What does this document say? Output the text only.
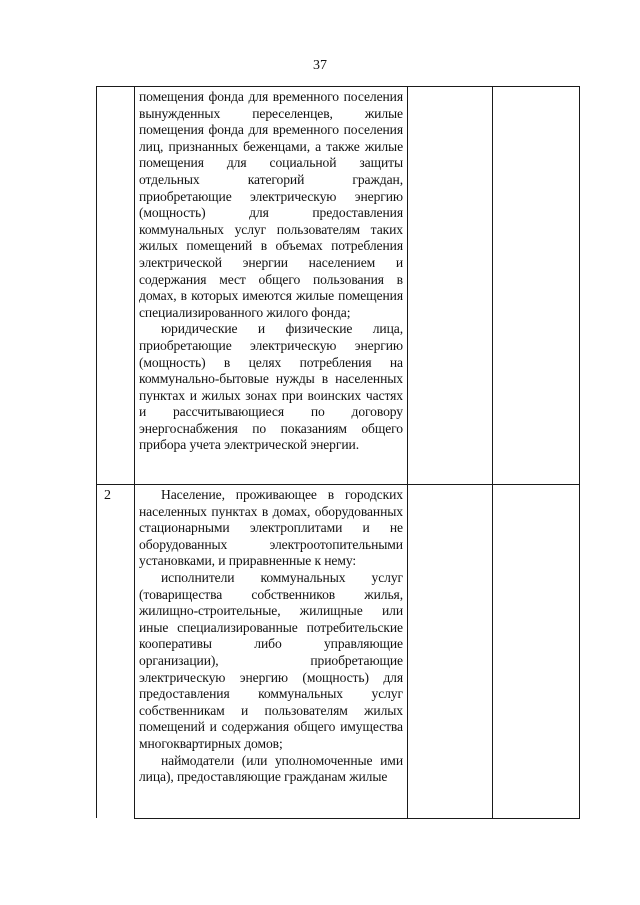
37

помещения фонда для временного поселения вынужденных переселенцев, жилые помещения фонда для временного поселения лиц, признанных беженцами, а также жилые помещения для социальной защиты отдельных категорий граждан, приобретающие электрическую энергию (мощность) для предоставления коммунальных услуг пользователям таких жилых помещений в объемах потребления электрической энергии населением и содержания мест общего пользования в домах, в которых имеются жилые помещения специализированного жилого фонда;

юридические и физические лица, приобретающие электрическую энергию (мощность) в целях потребления на коммунально-бытовые нужды в населенных пунктах и жилых зонах при воинских частях и рассчитывающиеся по договору энергоснабжения по показаниям общего прибора учета электрической энергии.

2	Население, проживающее в городских населенных пунктах в домах, оборудованных стационарными электроплитами и не оборудованных электроотопительными установками, и приравненные к нему:

исполнители коммунальных услуг (товарищества собственников жилья, жилищно-строительные, жилищные или иные специализированные потребительские кооперативы либо управляющие организации), приобретающие электрическую энергию (мощность) для предоставления коммунальных услуг собственникам и пользователям жилых помещений и содержания общего имущества многоквартирных домов;

наймодатели (или уполномоченные ими лица), предоставляющие гражданам жилые
